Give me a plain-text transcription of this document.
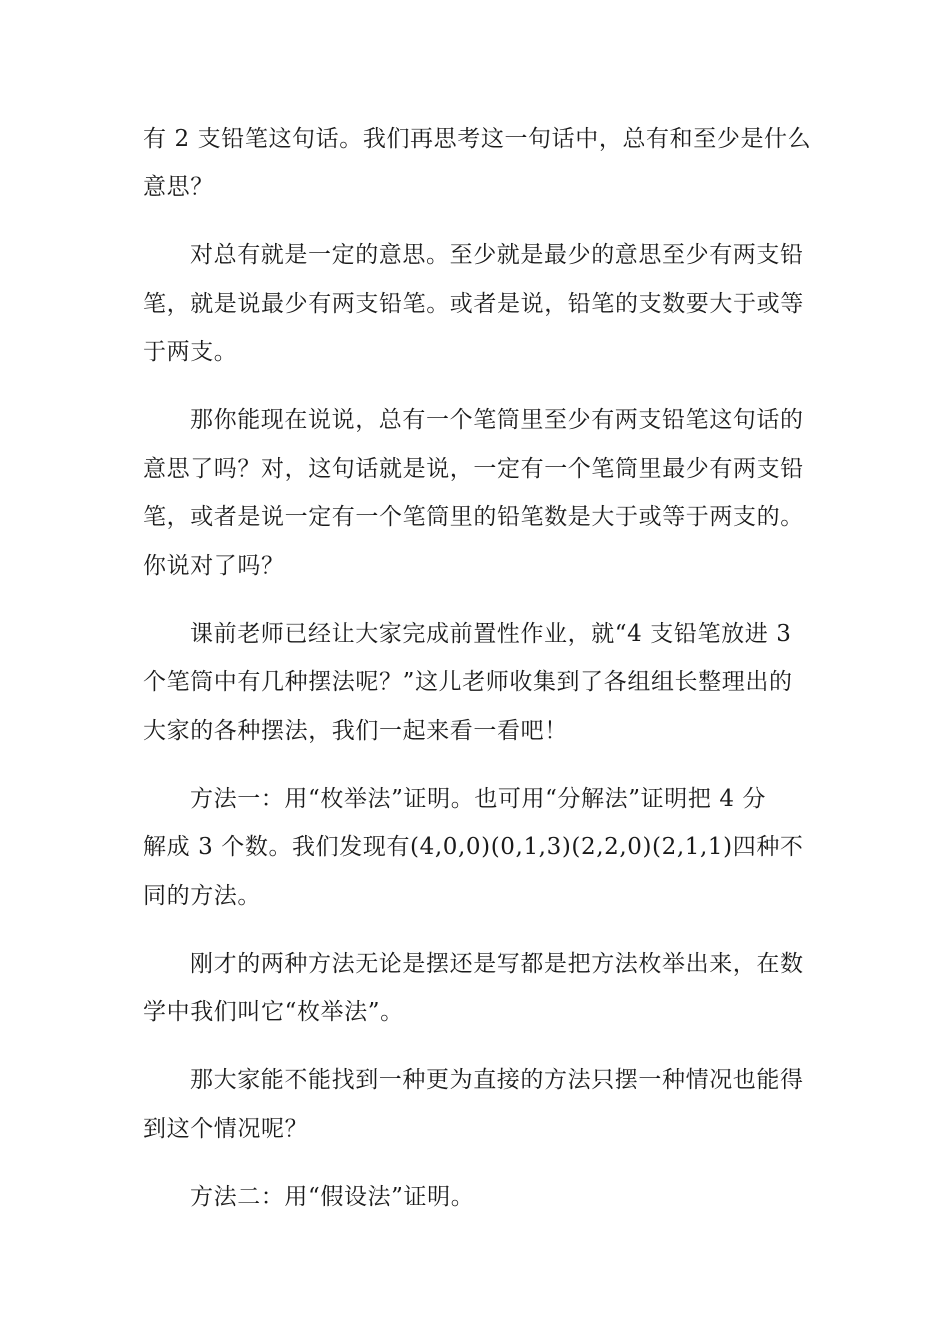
有 2 支铅笔这句话。我们再思考这一句话中，总有和至少是什么
意思？
对总有就是一定的意思。至少就是最少的意思至少有两支铅
笔，就是说最少有两支铅笔。或者是说，铅笔的支数要大于或等
于两支。
那你能现在说说，总有一个笔筒里至少有两支铅笔这句话的
意思了吗？对，这句话就是说，一定有一个笔筒里最少有两支铅
笔，或者是说一定有一个笔筒里的铅笔数是大于或等于两支的。
你说对了吗？
课前老师已经让大家完成前置性作业，就“4 支铅笔放进 3
个笔筒中有几种摆法呢？”这儿老师收集到了各组组长整理出的
大家的各种摆法，我们一起来看一看吧！
方法一：用“枚举法”证明。也可用“分解法”证明把 4 分
解成 3 个数。我们发现有(4,0,0)(0,1,3)(2,2,0)(2,1,1)四种不
同的方法。
刚才的两种方法无论是摆还是写都是把方法枚举出来，在数
学中我们叫它“枚举法”。
那大家能不能找到一种更为直接的方法只摆一种情况也能得
到这个情况呢？
方法二：用“假设法”证明。
